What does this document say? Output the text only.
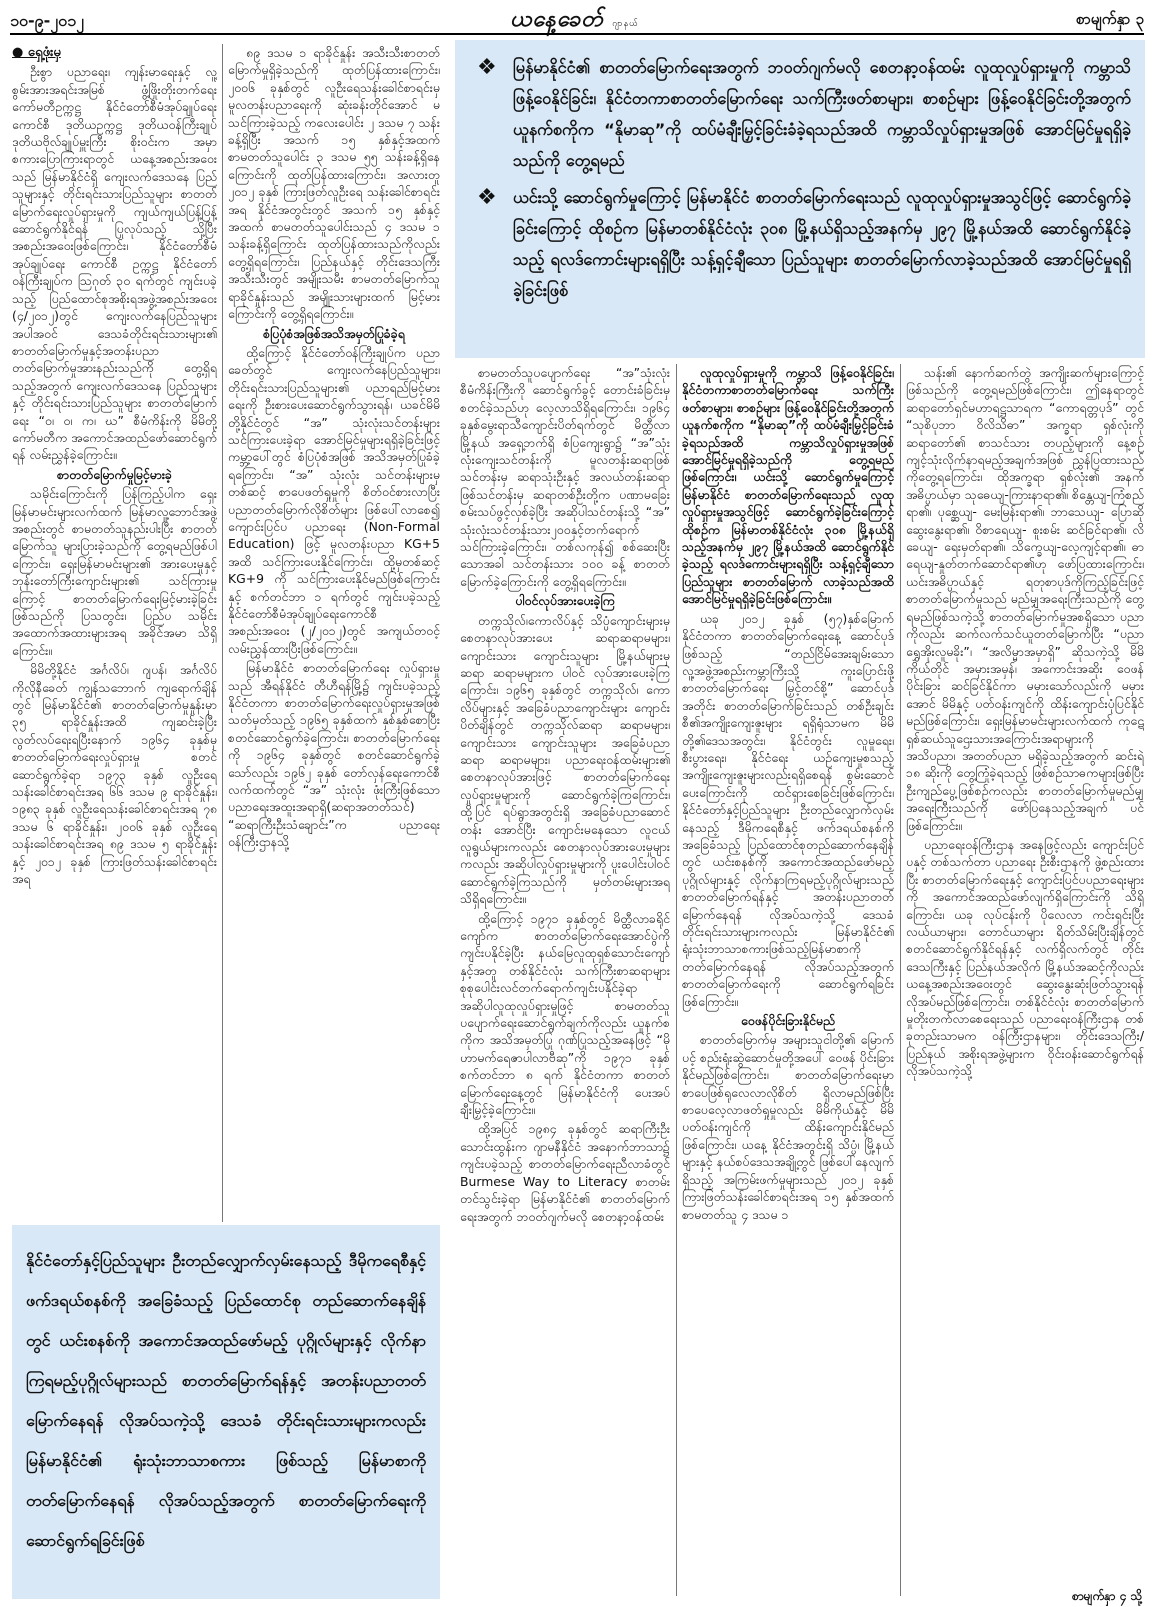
၁၀-၉-၂၀၁၂	ယနေ့ခေတ် ဂျာနယ်	စာမျက်နှာ ၃

● ရှေ့ဖုံးမှ

ဦးစွာ ပညာရေး၊ ကျန်းမာရေးနှင့် လူ့စွမ်းအားအရင်းအမြစ် ဖွံ့ဖြိုးတိုးတက်ရေးကော်မတီဥက္ကဋ္ဌ နိုင်ငံတော်စီမံအုပ်ချုပ်ရေးကောင်စီ ဒုတိယဥက္ကဋ္ဌ ဒုတိယဝန်ကြီးချုပ် ဒုတိယဗိုလ်ချုပ်မှူးကြီး စိုးဝင်းက အမှာစကားပြောကြားရာတွင် ယနေ့အစည်းအဝေးသည် မြန်မာနိုင်ငံရှိ ကျေးလက်ဒေသနေ ပြည်သူများနှင့် တိုင်းရင်းသားပြည်သူများ စာတတ်မြောက်ရေးလှုပ်ရှားမှုကို ကျယ်ကျယ်ပြန့်ပြန့်ဆောင်ရွက်နိုင်ရန် ပြုလုပ်သည့် သို့ပြီး အစည်းအဝေးဖြစ်ကြောင်း၊ နိုင်ငံတော်စီမံအုပ်ချုပ်ရေး ကောင်စီ ဥက္ကဋ္ဌ နိုင်ငံတော်ဝန်ကြီးချုပ်က ဩဂုတ် ၃၀ ရက်တွင် ကျင်းပခဲ့သည့် ပြည်ထောင်စုအစိုးရအဖွဲ့အစည်းအဝေး (၄/၂၀၁၂)တွင် ကျေးလက်နေပြည်သူများ အပါအဝင် ဒေသခံတိုင်းရင်းသားများ၏ စာတတ်မြောက်မှုနှင့်အတန်းပညာ တတ်မြောက်မှုအားနည်းသည်ကို တွေ့ရှိရသည့်အတွက် ကျေးလက်ဒေသနေ ပြည်သူများနှင့် တိုင်းရင်းသားပြည်သူများ စာတတ်မြောက်ရေး “ဝ၊ ဝ၊ က၊ ဃ” စီမံကိန်းကို မိမိတို့ကော်မတီက အကောင်အထည်ဖော်ဆောင်ရွက်ရန် လမ်းညွှန်ခဲ့ကြောင်း။

စာတတ်မြောက်မှုမြင့်မားခဲ့

သမိုင်းကြောင်းကို ပြန်ကြည့်ပါက ရှေးမြန်မာမင်းများလက်ထက် မြန်မာလူ့ဘောင်အဖွဲ့အစည်းတွင် စာမတတ်သူနည်းပါးပြီး စာတတ်မြောက်သူ များပြားခဲ့သည်ကို တွေ့ရမည်ဖြစ်ပါကြောင်း၊ ရှေးမြန်မာမင်းများ၏ အားပေးမှုနှင့် ဘုန်းတော်ကြီးကျောင်းများ၏ သင်ကြားမှုကြောင့် စာတတ်မြောက်ရေးမြင့်မားခဲ့ခြင်းဖြစ်သည်ကို ပြသတွင်း၊ ပြည်ပ သမိုင်းအထောက်အထားများအရ အခိုင်အမာ သိရှိကြောင်း။

မိမိတို့နိုင်ငံ အင်္ဂလိပ်၊ ဂျပန်၊ အင်္ဂလိပ်ကိုလိုနီခေတ် ကျွန်သဘောက် ကျရောက်ချိန်တွင် မြန်မာနိုင်ငံ၏ စာတတ်မြောက်မှုနှုန်းမှာ ၃၅ ရာခိုင်နှုန်းအထိ ကျဆင်းခဲ့ပြီး လွတ်လပ်ရေးရပြီးနောက် ၁၉၆၄ ခုနှစ်မှ စာတတ်မြောက်ရေးလှုပ်ရှားမှု စတင်ဆောင်ရွက်ခဲ့ရာ ၁၉၇၃ ခုနှစ် လူဦးရေသန်းခေါင်စာရင်းအရ ၆၆ ဒသမ ၉ ရာခိုင်နှုန်း၊ ၁၉၈၃ ခုနှစ် လူဦးရေသန်းခေါင်စာရင်းအရ ၇၈ ဒသမ ၆ ရာခိုင်နှုန်း၊ ၂၀၀၆ ခုနှစ် လူဦးရေသန်းခေါင်စာရင်းအရ ၈၉ ဒသမ ၅ ရာခိုင်နှုန်းနှင့် ၂၀၁၂ ခုနှစ် ကြားဖြတ်သန်းခေါင်စာရင်းအရ

၈၉ ဒသမ ၁ ရာခိုင်နှုန်း အသီးသီးစာတတ်မြောက်မှုရှိခဲ့သည်ကို ထုတ်ပြန်ထားကြောင်း၊ ၂၀၀၆ ခုနှစ်တွင် လူဦးရေသန်းခေါင်စာရင်းမှ မူလတန်းပညာရေးကို ဆုံးခန်းတိုင်အောင် မသင်ကြားခဲ့သည့် ကလေးပေါင်း ၂ ဒသမ ၇ သန်းခန့်ရှိပြီး အသက် ၁၅ နှစ်နှင့်အထက် စာမတတ်သူပေါင်း ၃ ဒသမ ၅၅ သန်းခန့်ရှိနေကြောင်းကို ထုတ်ပြန်ထားကြောင်း၊ အလားတူ ၂၀၁၂ ခုနှစ် ကြားဖြတ်လူဦးရေ သန်းခေါင်စာရင်းအရ နိုင်ငံအတွင်းတွင် အသက် ၁၅ နှစ်နှင့်အထက် စာမတတ်သူပေါင်းသည် ၄ ဒသမ ၁ သန်းခန့်ရှိကြောင်း ထုတ်ပြန်ထားသည်ကိုလည်း တွေ့ရှိရကြောင်း၊ ပြည်နယ်နှင့် တိုင်းဒေသကြီး အသီးသီးတွင် အမျိုးသမီး စာမတတ်မြောက်သူ ရာခိုင်နှုန်းသည် အမျိုးသားများထက် မြင့်မားကြောင်းကို တွေ့ရှိရကြောင်း။

စံပြပုံစံအဖြစ်အသိအမှတ်ပြုခံခဲ့ရ

ထို့ကြောင့် နိုင်ငံတော်ဝန်ကြီးချုပ်က ပညာခေတ်တွင် ကျေးလက်နေပြည်သူများ၊ တိုင်းရင်းသားပြည်သူများ၏ ပညာရည်မြင့်မားရေးကို ဦးစားပေးဆောင်ရွက်သွားရန်၊ ယခင်မိမိတို့နိုင်ငံတွင် “အ” သုံးလုံးသင်တန်းများ သင်ကြားပေးခဲ့ရာ အောင်မြင်မှုများရရှိခဲ့ခြင်းဖြင့် ကမ္ဘာ့ပေါ်တွင် စံပြပုံစံအဖြစ် အသိအမှတ်ပြုခံခဲ့ရကြောင်း၊ “အ” သုံးလုံး သင်တန်းများမှတစ်ဆင့် စာပေဖတ်ရှုမှုကို စိတ်ဝင်စားလာပြီး ပညာတတ်မြောက်လိုစိတ်များ ဖြစ်ပေါ်လာစေ၍ ကျောင်းပြင်ပ ပညာရေး (Non-Formal Education) ဖြင့် မူလတန်းပညာ KG+5 အထိ သင်ကြားပေးနိုင်ကြောင်း၊ ထို့မှတစ်ဆင့် KG+9 ကို သင်ကြားပေးနိုင်မည်ဖြစ်ကြောင်းနှင့် စက်တင်ဘာ ၁ ရက်တွင် ကျင်းပခဲ့သည့် နိုင်ငံတော်စီမံအုပ်ချုပ်ရေးကောင်စီ အစည်းအဝေး (၂/၂၀၁၂)တွင် အကျယ်တဝင့် လမ်းညွှန်ထားပြီးဖြစ်ကြောင်း။

မြန်မာနိုင်ငံ စာတတ်မြောက်ရေး လှုပ်ရှားမှုသည် အီရန်နိုင်ငံ တီဟီရန်မြို့၌ ကျင်းပခဲ့သည့် နိုင်ငံတကာ စာတတ်မြောက်ရေးလှုပ်ရှားမှုအဖြစ် သတ်မှတ်သည့် ၁၉၆၅ ခုနှစ်ထက် နှစ်နှစ်စောပြီး စတင်ဆောင်ရွက်ခဲ့ကြောင်း၊ စာတတ်မြောက်ရေးကို ၁၉၆၄ ခုနှစ်တွင် စတင်ဆောင်ရွက်ခဲ့သော်လည်း ၁၉၆၂ ခုနှစ် တော်လှန်ရေးကောင်စီ လက်ထက်တွင် “အ” သုံးလုံး ဖုံးကြီးဖြစ်သော ပညာရေးအထူးအရာရှိ(ဆရာအတတ်သင်) “ဆရာကြီးဦးသံချောင်း”က ပညာရေးဝန်ကြီးဌာနသို့

❖ မြန်မာနိုင်ငံ၏ စာတတ်မြောက်ရေးအတွက် ဘဝတ်ဂျက်မလို စေတနာ့ဝန်ထမ်း လူထုလှုပ်ရှားမှုကို ကမ္ဘာသိဖြန့်ဝေနိုင်ခြင်း၊ နိုင်ငံတကာစာတတ်မြောက်ရေး သက်ကြီးဖတ်စာများ၊ စာစဉ်များ ဖြန့်ဝေနိုင်ခြင်းတို့အတွက် ယူနက်စကိုက “နိုမာဆု”ကို ထပ်မံချီးမြှင့်ခြင်းခံခဲ့ရသည်အထိ ကမ္ဘာသိလှုပ်ရှားမှုအဖြစ် အောင်မြင်မှုရရှိခဲ့သည်ကို တွေ့ရမည်
❖ ယင်းသို့ ဆောင်ရွက်မှုကြောင့် မြန်မာနိုင်ငံ စာတတ်မြောက်ရေးသည် လူထုလှုပ်ရှားမှုအသွင်ဖြင့် ဆောင်ရွက်ခဲ့ခြင်းကြောင့် ထိုစဉ်က မြန်မာတစ်နိုင်ငံလုံး ၃၀၈ မြို့နယ်ရှိသည့်အနက်မှ ၂၉၇ မြို့နယ်အထိ ဆောင်ရွက်နိုင်ခဲ့သည့် ရလဒ်ကောင်းများရရှိပြီး သန့်ရှင့်ချီသော ပြည်သူများ စာတတ်မြောက်လာခဲ့သည်အထိ အောင်မြင်မှုရရှိခဲ့ခြင်းဖြစ်

စာမတတ်သူပပျောက်ရေး “အ”သုံးလုံး စီမံကိန်းကြီးကို ဆောင်ရွက်ခွင့် တောင်းခံခြင်းမှ စတင်ခဲ့သည်ဟု လေ့လာသိရှိရကြောင်း၊ ၁၉၆၄ ခုနှစ်မွေးရာသီကျောင်းပိတ်ရက်တွင် မိတ္ထီလာမြို့နယ် အရှေ့ဘက်ရှိ စံပြကျေးရွာ၌ “အ”သုံးလုံးကျေးသင်တန်းကို မူလတန်းဆရာဖြစ်သင်တန်းမှ ဆရာသုံးဦးနှင့် အလယ်တန်းဆရာဖြစ်သင်တန်းမှ ဆရာတစ်ဦးတို့က ပဏာမခြေးစမ်းသပ်ဖွင့်လှစ်ခဲ့ပြီး အဆိုပါသင်တန်းသို့ “အ” သုံးလုံးသင်တန်းသား၂၀၀နှင့်တက်ရောက်သင်ကြားခဲ့ကြောင်း၊ တစ်လကုန်၍ စစ်ဆေးပြီးသောအခါ သင်တန်းသား ၁၀၀ ခန့် စာတတ်မြောက်ခဲ့ကြောင်းကို တွေ့ရှိရကြောင်း။

ပါဝင်လုပ်အားပေးခဲ့ကြ

တက္ကသိုလ်၊ကောလိပ်နှင့် သိပ္ပံကျောင်းများမှ စေတနာလုပ်အားပေး ဆရာဆရာမများ၊ ကျောင်းသား ကျောင်းသူများ မြို့နယ်များမှ ဆရာ ဆရာမများက ပါဝင် လုပ်အားပေးခဲ့ကြကြောင်း၊ ၁၉၆၅ ခုနှစ်တွင် တက္ကသိုလ်၊ ကောလိပ်များနှင့် အခြေခံပညာကျောင်းများ ကျောင်းပိတ်ချိန်တွင် တက္ကသိုလ်ဆရာ ဆရာမများ၊ ကျောင်းသား ကျောင်းသူများ အခြေခံပညာ ဆရာ ဆရာမများ၊ ပညာရေးဝန်ထမ်းများ၏ စေတနာလုပ်အားဖြင့် စာတတ်မြောက်ရေးလှုပ်ရှားမှုများကို ဆောင်ရွက်ခဲ့ကြကြောင်း၊ ထို့ပြင် ရပ်ရွာအတွင်းရှိ အခြေခံပညာဆောင်တန်း အောင်ပြီး ကျောင်းမနေသော လူငယ်လူရွယ်များကလည်း စေတနာလုပ်အားပေးမှုများကလည်း အဆိုပါလှုပ်ရှားမှုများကို ပူးပေါင်းပါဝင်ဆောင်ရွက်ခဲ့ကြသည်ကို မှတ်တမ်းများအရ သိရှိရကြောင်း။

ထို့ကြောင့် ၁၉၇၁ ခုနှစ်တွင် မိတ္ထီလာခရိုင်ကျော်က စာတတ်မြောက်ရေးအောင်ပွဲကို ကျင်းပနိုင်ခဲ့ပြီး နယ်မြေလူထုရှစ်သောင်းကျော်နှင့်အတူ တစ်နိုင်ငံလုံး သက်ကြီးစာဆရာများ စုစုပေါင်းလင်တက်ရောက်ကျင်းပနိုင်ခဲ့ရာ အဆိုပါလူထုလှုပ်ရှားမှုဖြင့် စာမတတ်သူပပျောက်ရေးဆောင်ရွက်ချက်ကိုလည်း ယူနက်စကိုက အသိအမှတ်ပြု ဂုဏ်ပြုသည့်အနေဖြင့် “မိုဟာမက်ရေဇာပါလာဗီဆု”ကို ၁၉၇၁ ခုနှစ် စက်တင်ဘာ ၈ ရက် နိုင်ငံတကာ စာတတ်မြောက်ရေးနေ့တွင် မြန်မာနိုင်ငံကို ပေးအပ်ချီးမြှင့်ခဲ့ကြောင်း။

ထို့အပြင် ၁၉၈၄ ခုနှစ်တွင် ဆရာကြီးဦးသောင်းထွန်းက ဂျာမနီနိုင်ငံ အနောက်ဘာသာ၌ ကျင်းပခဲ့သည့် စာတတ်မြောက်ရေးညီလာခံတွင် Burmese Way to Literacy စာတမ်း တင်သွင်းခဲ့ရာ မြန်မာနိုင်ငံ၏ စာတတ်မြောက်ရေးအတွက် ဘဝတ်ဂျက်မလို စေတနာ့ဝန်ထမ်း

လူထုလှုပ်ရှားမှုကို ကမ္ဘာသိ ဖြန့်ဝေနိုင်ခြင်း၊ နိုင်ငံတကာစာတတ်မြောက်ရေး သက်ကြီးဖတ်စာများ၊ စာစဉ်များ ဖြန့်ဝေနိုင်ခြင်းတို့အတွက် ယူနက်စကိုက “နိုမာဆု”ကို ထပ်မံချီးမြှင့်ခြင်းခံခဲ့ရသည်အထိ ကမ္ဘာသိလှုပ်ရှားမှုအဖြစ် အောင်မြင်မှုရရှိခဲ့သည်ကို တွေ့ရမည်ဖြစ်ကြောင်း၊ ယင်းသို့ ဆောင်ရွက်မှုကြောင့် မြန်မာနိုင်ငံ စာတတ်မြောက်ရေးသည် လူထုလှုပ်ရှားမှုအသွင်ဖြင့် ဆောင်ရွက်ခဲ့ခြင်းကြောင့် ထိုစဉ်က မြန်မာတစ်နိုင်ငံလုံး ၃၀၈ မြို့နယ်ရှိသည့်အနက်မှ ၂၉၇ မြို့နယ်အထိ ဆောင်ရွက်နိုင်ခဲ့သည့် ရလဒ်ကောင်းများရရှိပြီး သန့်ရှင့်ချီသောပြည်သူများ စာတတ်မြောက် လာခဲ့သည်အထိ အောင်မြင်မှုရရှိခဲ့ခြင်းဖြစ်ကြောင်း။

ယခု ၂၀၁၂ ခုနှစ် (၅၇)နှစ်မြောက် နိုင်ငံတကာ စာတတ်မြောက်ရေးနေ့ ဆောင်ပုဒ်ဖြစ်သည့် “တည်ငြိမ်အေးချမ်းသော လူ့အဖွဲ့အစည်းကမ္ဘာကြီးသို့ ကူးပြောင်းဖို့ စာတတ်မြောက်ရေး မြှင့်တင်စို့” ဆောင်ပုဒ်အတိုင်း စာတတ်မြောက်ခြင်းသည် တစ်ဦးချင်းစီ၏အကျိုးကျေးဇူးများ ရရှိရုံသာမက မိမိတို့၏ဒေသအတွင်း၊ နိုင်ငံတွင်း လူမှုရေး၊ စီးပွားရေး၊ နိုင်ငံရေး ယဉ်ကျေးမှုစသည့် အကျိုးကျေးဇူးများလည်းရရှိစေရန် စွမ်းဆောင်ပေးကြောင်းကို ထင်ရှားစေခြင်းဖြစ်ကြောင်း၊ နိုင်ငံတော်နှင့်ပြည်သူများ ဦးတည်လျှောက်လှမ်းနေသည့် ဒီမိုကရေစီနှင့် ဖက်ဒရယ်စနစ်ကို အခြေခံသည့် ပြည်ထောင်စုတည်ဆောက်နေချိန်တွင် ယင်းစနစ်ကို အကောင်အထည်ဖော်မည့် ပုဂ္ဂိုလ်များနှင့် လိုက်နာကြရမည့်ပုဂ္ဂိုလ်များသည် စာတတ်မြောက်ရန်နှင့် အတန်းပညာတတ်မြောက်နေရန် လိုအပ်သကဲ့သို့ ဒေသခံတိုင်းရင်းသားများကလည်း မြန်မာနိုင်ငံ၏ ရုံးသုံးဘာသာစကားဖြစ်သည့်မြန်မာစာကိုတတ်မြောက်နေရန် လိုအပ်သည့်အတွက် စာတတ်မြောက်ရေးကို ဆောင်ရွက်ရခြင်းဖြစ်ကြောင်း။

ဝေဖန်ပိုင်းခြားနိုင်မည်

စာတတ်မြောက်မှ အများသူငါတို့၏ မြောက်ပင့် စည်းရုံးဆွဲဆောင်မှုတို့အပေါ် ဝေဖန် ပိုင်းခြားနိုင်မည်ဖြစ်ကြောင်း၊ စာတတ်မြောက်ရေးမှာ စာပေဖြစ်ရုလေလာလိုစိတ် ရှိလာမည်ဖြစ်ပြီး စာပေလေ့လာဖတ်ရှုမှုလည်း မိမိကိုယ်နှင့် မိမိပတ်ဝန်းကျင်ကို ထိန်းကျောင်းနိုင်မည်ဖြစ်ကြောင်း၊ ယနေ့ နိုင်ငံအတွင်းရှိ သိပ္ပံ၊ မြို့နယ်များနှင့် နယ်စပ်ဒေသအချို့တွင် ဖြစ်ပေါ်နေလျက်ရှိသည့် အကြမ်းဖက်မှုများသည် ၂၀၁၂ ခုနှစ် ကြားဖြတ်သန်းခေါင်စာရင်းအရ ၁၅ နှစ်အထက် စာမတတ်သူ ၄ ဒသမ ၁

သန်း၏ နောက်ဆက်တွဲ အကျိုးဆက်များကြောင့်ဖြစ်သည်ကို တွေ့ရမည်ဖြစ်ကြောင်း၊ ဤနေရာတွင် ဆရာတော်ရှင်မဟာရဋ္ဌသာရက “ကောရတ္တပုဒ်” တွင် “သုစိပုဘာ ဝိလိသိဓာ” အက္ခရာ ရှစ်လုံးကို ဆရာတော်၏ စာသင်သား တပည့်များကို နေ့စဉ် ကျင့်သုံးလိုက်နာရမည့်အချက်အဖြစ် ညွှန်ပြထားသည်ကိုတွေ့ရကြောင်း၊ ထိုအက္ခရာ ရှစ်လုံး၏ အနက်အဓိပ္ပာယ်မှာ သုဓေယျ-ကြားနာရာ၏၊ စိန္တေယျ-ကြံစည်ရာ၏၊ ပုစ္ဆေယျ- မေးမြန်းရာ၏၊ ဘာသေယျ- ပြောဆို ဆွေးနွေးရာ၏၊ ဝိစာရေယျ- စူးစမ်း ဆင်ခြင်ရာ၏၊ လိခေယျ- ရေးမှတ်ရာ၏၊ သိက္ခေယျ-လေ့ကျင့်ရာ၏၊ ဓာရေယျ-နှုတ်တက်ဆောင်ရာ၏ဟု ဖော်ပြထားကြောင်း၊ ယင်းအဓိပ္ပာယ်နှင့် ရတုစာပုဒ်ကိုကြည့်ခြင်းဖြင့် စာတတ်မြောက်မှုသည် မည်မျှအရေးကြီးသည်ကို တွေ့ရမည်ဖြစ်သကဲ့သို့ စာတတ်မြောက်မှုအစရှိသော ပညာကိုလည်း ဆက်လက်သင်ယူတတ်မြောက်ပြီး “ပညာရွှေအိုးလူမခိုး”၊ “အလိမ္မာအမှာရှိ” ဆိုသကဲ့သို့ မိမိကိုယ်တိုင် အမှားအမှန်၊ အကောင်းအဆိုး ဝေဖန်ပိုင်းခြား ဆင်ခြင်နိုင်ကာ မမှားသော်လည်းကို မမှားအောင် မိမိနှင့် ပတ်ဝန်းကျင်ကို ထိန်းကျောင်းပုံပြင်နိုင်မည်ဖြစ်ကြောင်း၊ ရှေးမြန်မာမင်းများလက်ထက် ကုဋေရှစ်ဆယ်သူဌေးသားအကြောင်းအရာများကို အသိပညာ၊ အတတ်ပညာ မရှိခဲ့သည့်အတွက် ဆင်းရဲ ၁၈ ဆိုးကို တွေ့ကြုံခဲ့ရသည့် ဖြစ်စဉ်သာဓကများဖြစ်ပြီး ဦးကျည်ပွေ့ဖြစ်စဉ်ကလည်း စာတတ်မြောက်မှုမည်မျှ အရေးကြီးသည်ကို ဖော်ပြနေသည့်အချက် ပင်ဖြစ်ကြောင်း။

ပညာရေးဝန်ကြီးဌာန အနေဖြင့်လည်း ကျောင်းပြင်ပနှင့် တစ်သက်တာ ပညာရေး ဦးစီးဌာနကို ဖွဲ့စည်းထားပြီး စာတတ်မြောက်ရေးနှင့် ကျောင်းပြင်ပပညာရေးများကို အကောင်အထည်ဖော်လျက်ရှိကြောင်းကို သိရှိကြောင်း၊ ယခု လုပ်ငန်းကို ပိုလေလာ ကင်းရှင်းပြီး လယ်ယာများ၊ တောင်ယာများ ရိတ်သိမ်းပြီးချိန်တွင် စတင်ဆောင်ရွက်နိုင်ရန်နှင့် လက်ရှိလက်တွင် တိုင်းဒေသကြီးနှင့် ပြည်နယ်အလိုက် မြို့နယ်အဆင့်ကိုလည်း ယနေ့အစည်းအဝေးတွင် ဆွေးနွေးဆုံးဖြတ်သွားရန် လိုအပ်မည်ဖြစ်ကြောင်း၊ တစ်နိုင်ငံလုံး စာတတ်မြောက်မှုတိုးတက်လာစေရေးသည် ပညာရေးဝန်ကြီးဌာန တစ်ခုတည်းသာမက ဝန်ကြီးဌာနများ၊ တိုင်းဒေသကြီး/ ပြည်နယ် အစိုးရအဖွဲ့များက ဝိုင်းဝန်းဆောင်ရွက်ရန် လိုအပ်သကဲ့သို့

နိုင်ငံတော်နှင့်ပြည်သူများ ဦးတည်လျှောက်လှမ်းနေသည့် ဒီမိုကရေစီနှင့် ဖက်ဒရယ်စနစ်ကို အခြေခံသည့် ပြည်ထောင်စု တည်ဆောက်နေချိန်တွင် ယင်းစနစ်ကို အကောင်အထည်ဖော်မည့် ပုဂ္ဂိုလ်များနှင့် လိုက်နာကြရမည့်ပုဂ္ဂိုလ်များသည် စာတတ်မြောက်ရန်နှင့် အတန်းပညာတတ်မြောက်နေရန် လိုအပ်သကဲ့သို့ ဒေသခံ တိုင်းရင်းသားများကလည်း မြန်မာနိုင်ငံ၏ ရုံးသုံးဘာသာစကား ဖြစ်သည့် မြန်မာစာကို တတ်မြောက်နေရန် လိုအပ်သည့်အတွက် စာတတ်မြောက်ရေးကို ဆောင်ရွက်ရခြင်းဖြစ်
စာမျက်နှာ ၄ သို့
